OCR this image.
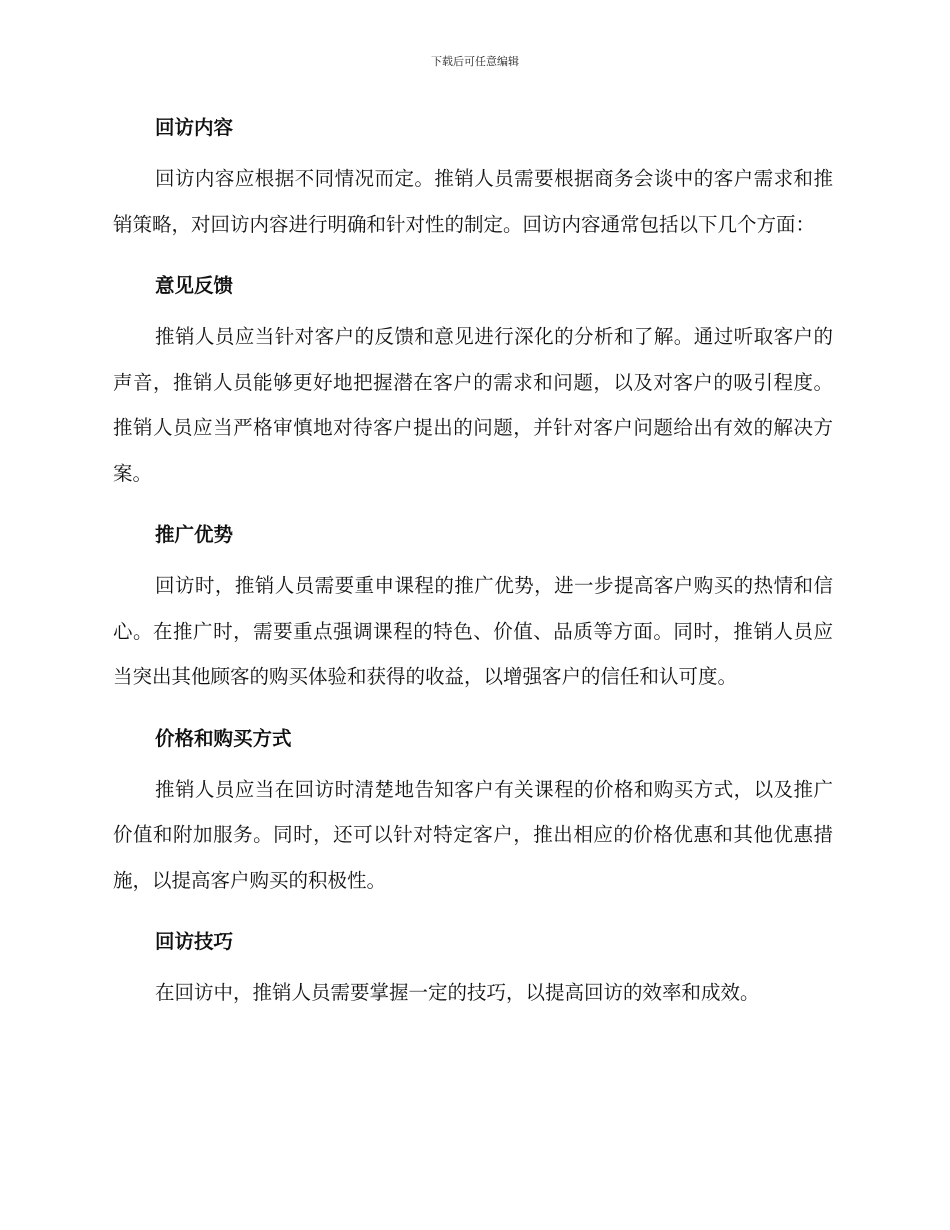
下载后可任意编辑
回访内容

回访内容应根据不同情况而定。推销人员需要根据商务会谈中的客户需求和推销策略，对回访内容进行明确和针对性的制定。回访内容通常包括以下几个方面：

意见反馈

推销人员应当针对客户的反馈和意见进行深化的分析和了解。通过听取客户的声音，推销人员能够更好地把握潜在客户的需求和问题，以及对客户的吸引程度。推销人员应当严格审慎地对待客户提出的问题，并针对客户问题给出有效的解决方案。

推广优势

回访时，推销人员需要重申课程的推广优势，进一步提高客户购买的热情和信心。在推广时，需要重点强调课程的特色、价值、品质等方面。同时，推销人员应当突出其他顾客的购买体验和获得的收益，以增强客户的信任和认可度。

价格和购买方式

推销人员应当在回访时清楚地告知客户有关课程的价格和购买方式，以及推广价值和附加服务。同时，还可以针对特定客户，推出相应的价格优惠和其他优惠措施，以提高客户购买的积极性。

回访技巧

在回访中，推销人员需要掌握一定的技巧，以提高回访的效率和成效。
